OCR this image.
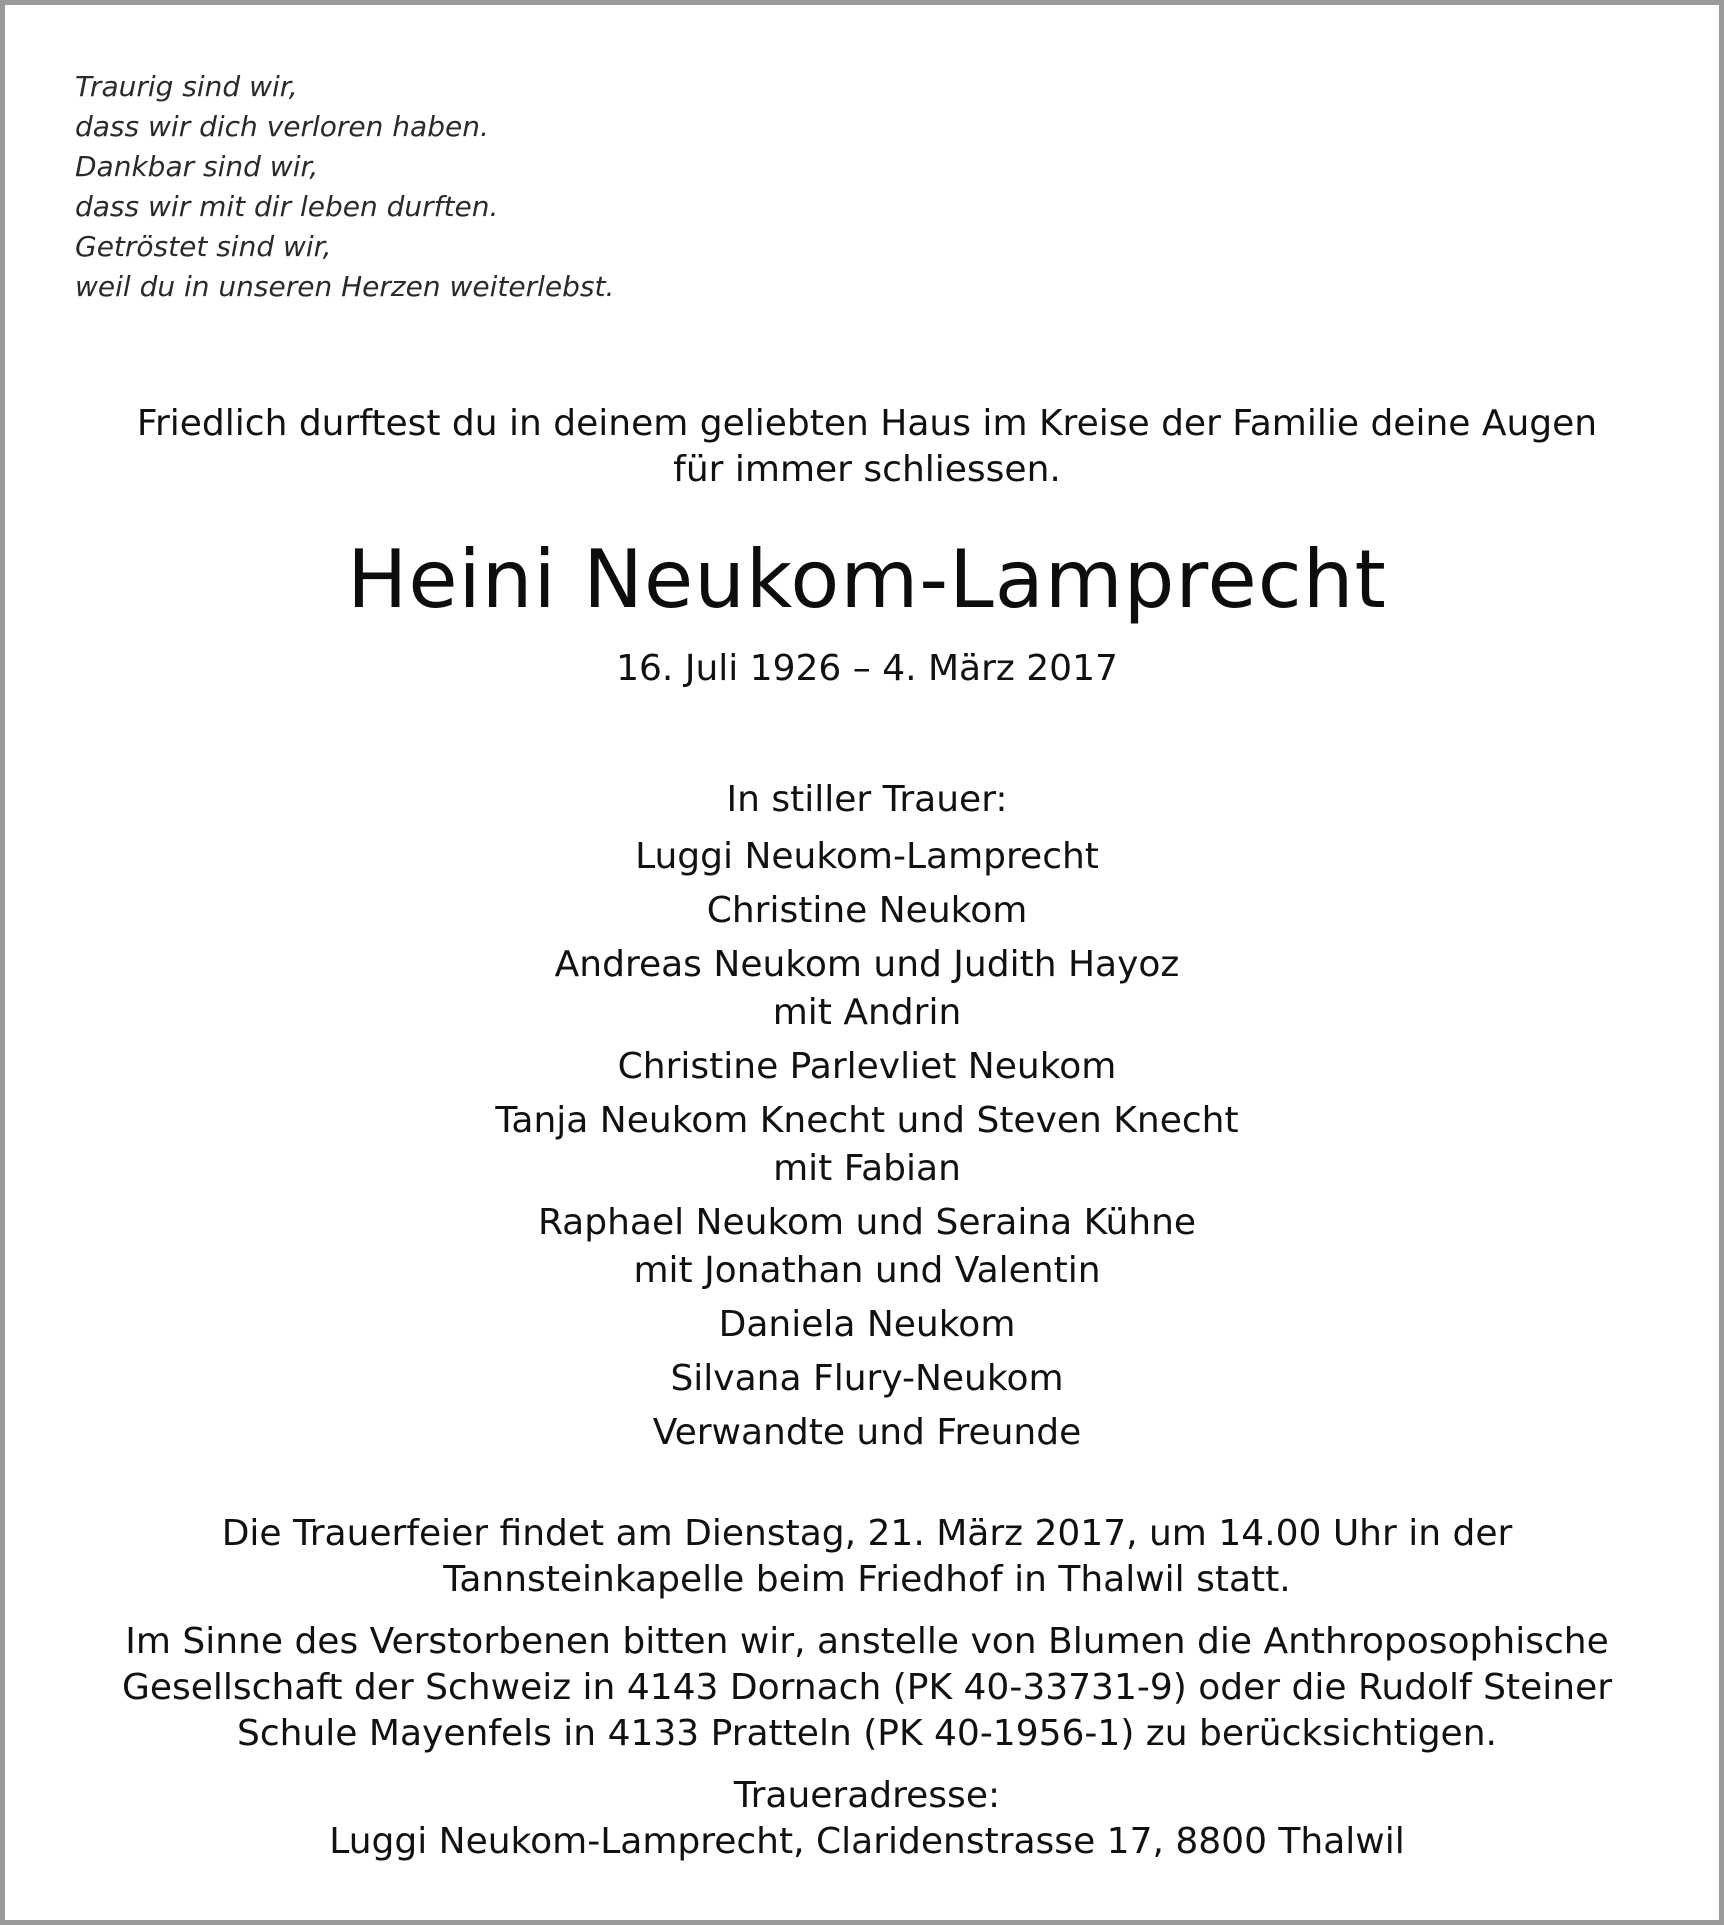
Traurig sind wir,
dass wir dich verloren haben.
Dankbar sind wir,
dass wir mit dir leben durften.
Getröstet sind wir,
weil du in unseren Herzen weiterlebst.
Friedlich durftest du in deinem geliebten Haus im Kreise der Familie deine Augen
für immer schliessen.
Heini Neukom-Lamprecht
16. Juli 1926 – 4. März 2017
In stiller Trauer:
Luggi Neukom-Lamprecht
Christine Neukom
Andreas Neukom und Judith Hayoz
mit Andrin
Christine Parlevliet Neukom
Tanja Neukom Knecht und Steven Knecht
mit Fabian
Raphael Neukom und Seraina Kühne
mit Jonathan und Valentin
Daniela Neukom
Silvana Flury-Neukom
Verwandte und Freunde
Die Trauerfeier findet am Dienstag, 21. März 2017, um 14.00 Uhr in der
Tannsteinkapelle beim Friedhof in Thalwil statt.
Im Sinne des Verstorbenen bitten wir, anstelle von Blumen die Anthroposophische
Gesellschaft der Schweiz in 4143 Dornach (PK 40-33731-9) oder die Rudolf Steiner
Schule Mayenfels in 4133 Pratteln (PK 40-1956-1) zu berücksichtigen.
Traueradresse:
Luggi Neukom-Lamprecht, Claridenstrasse 17, 8800 Thalwil
